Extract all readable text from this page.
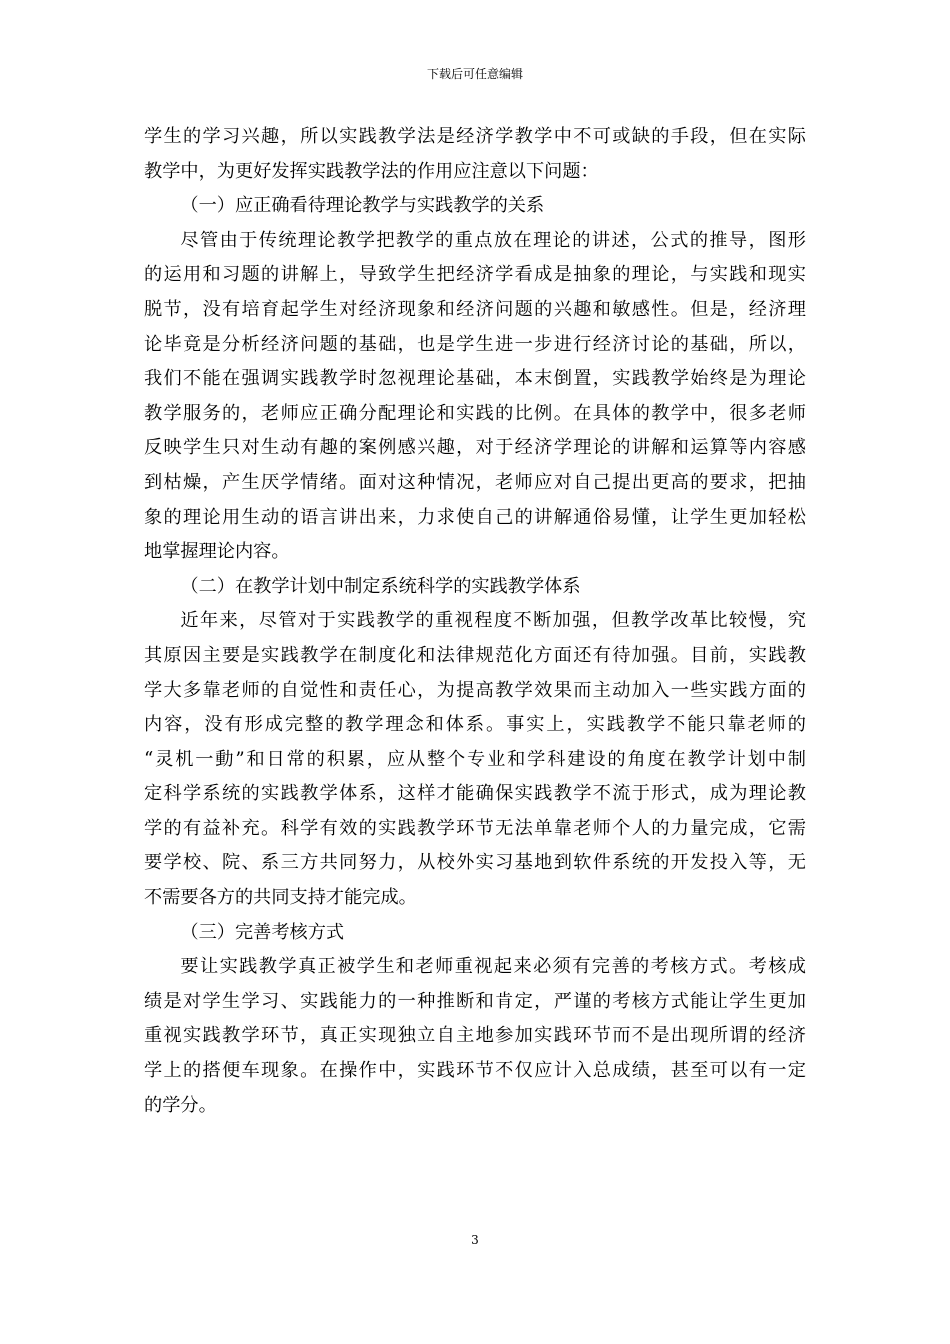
下载后可任意编辑
学生的学习兴趣，所以实践教学法是经济学教学中不可或缺的手段，但在实际
教学中，为更好发挥实践教学法的作用应注意以下问题：
（一）应正确看待理论教学与实践教学的关系
尽管由于传统理论教学把教学的重点放在理论的讲述，公式的推导，图形
的运用和习题的讲解上，导致学生把经济学看成是抽象的理论，与实践和现实
脱节，没有培育起学生对经济现象和经济问题的兴趣和敏感性。但是，经济理
论毕竟是分析经济问题的基础，也是学生进一步进行经济讨论的基础，所以，
我们不能在强调实践教学时忽视理论基础，本末倒置，实践教学始终是为理论
教学服务的，老师应正确分配理论和实践的比例。在具体的教学中，很多老师
反映学生只对生动有趣的案例感兴趣，对于经济学理论的讲解和运算等内容感
到枯燥，产生厌学情绪。面对这种情况，老师应对自己提出更高的要求，把抽
象的理论用生动的语言讲出来，力求使自己的讲解通俗易懂，让学生更加轻松
地掌握理论内容。
（二）在教学计划中制定系统科学的实践教学体系
近年来，尽管对于实践教学的重视程度不断加强，但教学改革比较慢，究
其原因主要是实践教学在制度化和法律规范化方面还有待加强。目前，实践教
学大多靠老师的自觉性和责任心，为提高教学效果而主动加入一些实践方面的
内容，没有形成完整的教学理念和体系。事实上，实践教学不能只靠老师的
“灵机一動”和日常的积累，应从整个专业和学科建设的角度在教学计划中制
定科学系统的实践教学体系，这样才能确保实践教学不流于形式，成为理论教
学的有益补充。科学有效的实践教学环节无法单靠老师个人的力量完成，它需
要学校、院、系三方共同努力，从校外实习基地到软件系统的开发投入等，无
不需要各方的共同支持才能完成。
（三）完善考核方式
要让实践教学真正被学生和老师重视起来必须有完善的考核方式。考核成
绩是对学生学习、实践能力的一种推断和肯定，严谨的考核方式能让学生更加
重视实践教学环节，真正实现独立自主地参加实践环节而不是出现所谓的经济
学上的搭便车现象。在操作中，实践环节不仅应计入总成绩，甚至可以有一定
的学分。
3
